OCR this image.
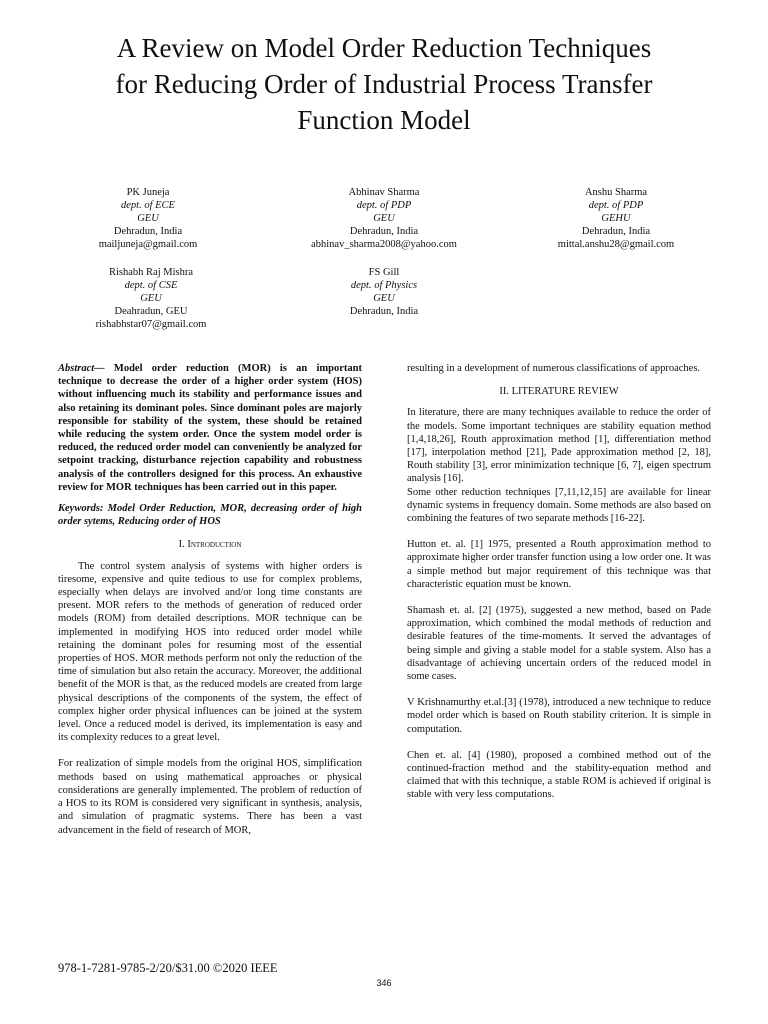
A Review on Model Order Reduction Techniques
for Reducing Order of Industrial Process Transfer
Function Model
PK Juneja
dept. of ECE
GEU
Dehradun, India
mailjuneja@gmail.com
Abhinav Sharma
dept. of PDP
GEU
Dehradun, India
abhinav_sharma2008@yahoo.com
Anshu Sharma
dept. of PDP
GEHU
Dehradun, India
mittal.anshu28@gmail.com
Rishabh Raj Mishra
dept. of CSE
GEU
Deahradun, GEU
rishabhstar07@gmail.com
FS Gill
dept. of Physics
GEU
Dehradun, India

Abstract— Model order reduction (MOR) is an important technique to decrease the order of a higher order system (HOS) without influencing much its stability and performance issues and also retaining its dominant poles. Since dominant poles are majorly responsible for stability of the system, these should be retained while reducing the system order. Once the system model order is reduced, the reduced order model can conveniently be analyzed for setpoint tracking, disturbance rejection capability and robustness analysis of the controllers designed for this process. An exhaustive review for MOR techniques has been carried out in this paper.

Keywords: Model Order Reduction, MOR, decreasing order of high order sytems, Reducing order of HOS

I. Introduction

The control system analysis of systems with higher orders is tiresome, expensive and quite tedious to use for complex problems, especially when delays are involved and/or long time constants are present. MOR refers to the methods of generation of reduced order models (ROM) from detailed descriptions. MOR technique can be implemented in modifying HOS into reduced order model while retaining the dominant poles for resuming most of the essential properties of HOS. MOR methods perform not only the reduction of the time of simulation but also retain the accuracy. Moreover, the additional benefit of the MOR is that, as the reduced models are created from large physical descriptions of the components of the system, the effect of complex higher order physical influences can be joined at the system level. Once a reduced model is derived, its implementation is easy and its complexity reduces to a great level.

For realization of simple models from the original HOS, simplification methods based on using mathematical approaches or physical considerations are generally implemented. The problem of reduction of a HOS to its ROM is considered very significant in synthesis, analysis, and simulation of pragmatic systems. There has been a vast advancement in the field of research of MOR,

resulting in a development of numerous classifications of approaches.

II. LITERATURE REVIEW

In literature, there are many techniques available to reduce the order of the models. Some important techniques are stability equation method [1,4,18,26], Routh approximation method [1], differentiation method [17], interpolation method [21], Pade approximation method [2, 18], Routh stability [3], error minimization technique [6, 7], eigen spectrum analysis [16].

Some other reduction techniques [7,11,12,15] are available for linear dynamic systems in frequency domain. Some methods are also based on combining the features of two separate methods [16-22].

Hutton et. al. [1] 1975, presented a Routh approximation method to approximate higher order transfer function using a low order one. It was a simple method but major requirement of this technique was that characteristic equation must be known.

Shamash et. al. [2] (1975), suggested a new method, based on Pade approximation, which combined the modal methods of reduction and desirable features of the time-moments. It served the advantages of being simple and giving a stable model for a stable system. Also has a disadvantage of achieving uncertain orders of the reduced model in some cases.

V Krishnamurthy et.al.[3] (1978), introduced a new technique to reduce model order which is based on Routh stability criterion. It is simple in computation.

Chen et. al. [4] (1980), proposed a combined method out of the continued-fraction method and the stability-equation method and claimed that with this technique, a stable ROM is achieved if original is stable with very less computations.

978-1-7281-9785-2/20/$31.00 ©2020 IEEE
346
